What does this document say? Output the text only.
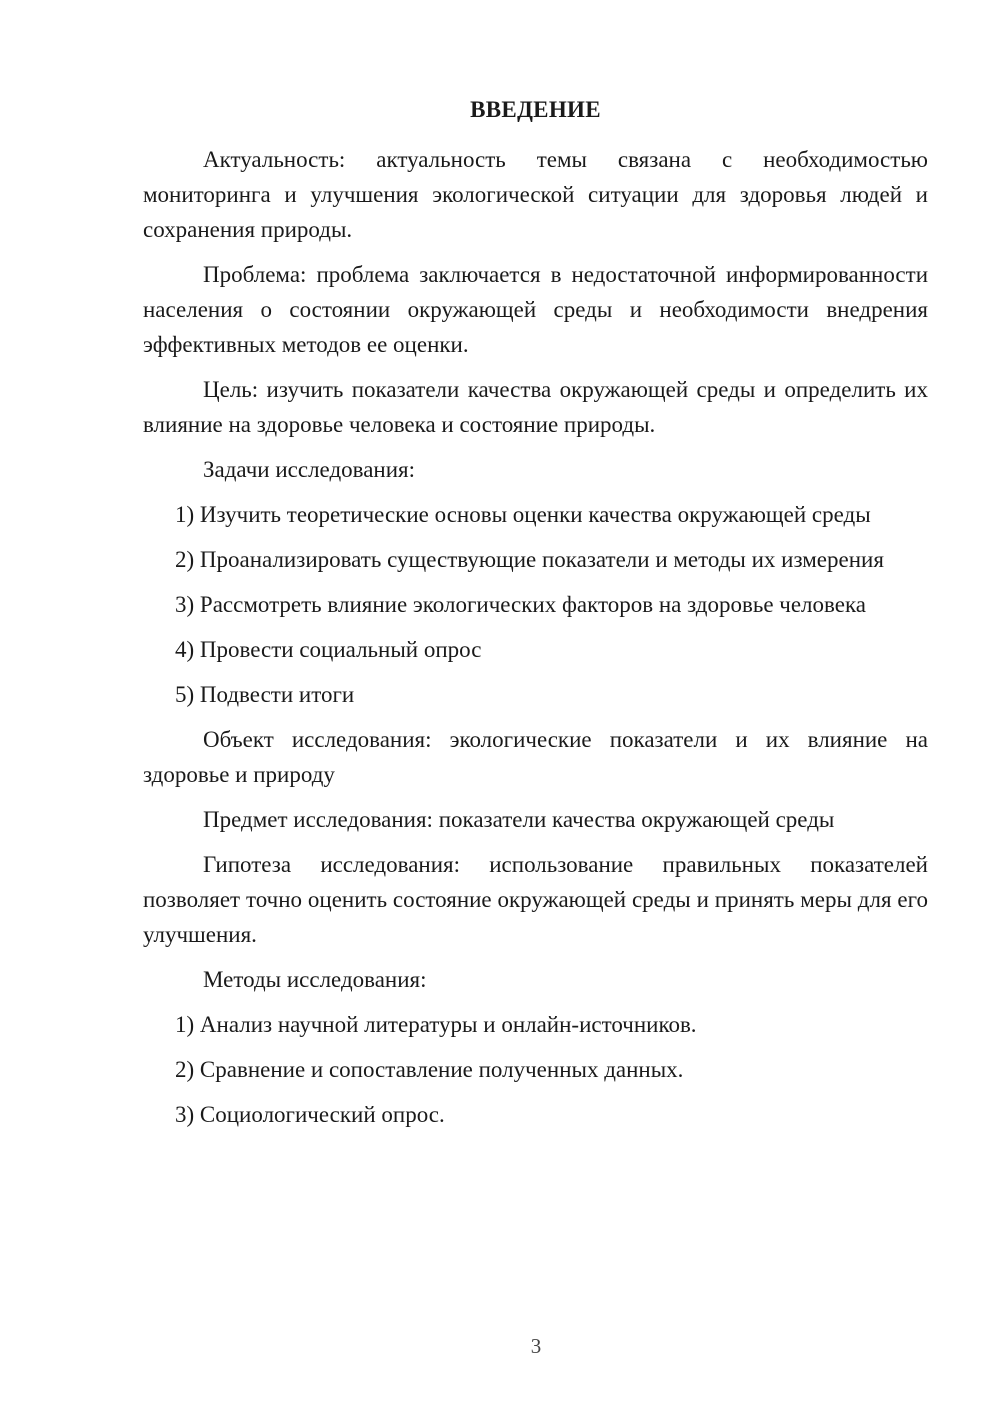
ВВЕДЕНИЕ

Актуальность: актуальность темы связана с необходимостью мониторинга и улучшения экологической ситуации для здоровья людей и сохранения природы.

Проблема: проблема заключается в недостаточной информированности населения о состоянии окружающей среды и необходимости внедрения эффективных методов ее оценки.

Цель: изучить показатели качества окружающей среды и определить их влияние на здоровье человека и состояние природы.

Задачи исследования:

1) Изучить теоретические основы оценки качества окружающей среды

2) Проанализировать существующие показатели и методы их измерения

3) Рассмотреть влияние экологических факторов на здоровье человека

4) Провести социальный опрос

5) Подвести итоги

Объект исследования: экологические показатели и их влияние на здоровье и природу

Предмет исследования: показатели качества окружающей среды

Гипотеза исследования: использование правильных показателей позволяет точно оценить состояние окружающей среды и принять меры для его улучшения.

Методы исследования:

1) Анализ научной литературы и онлайн-источников.

2) Сравнение и сопоставление полученных данных.

3) Социологический опрос.

3
